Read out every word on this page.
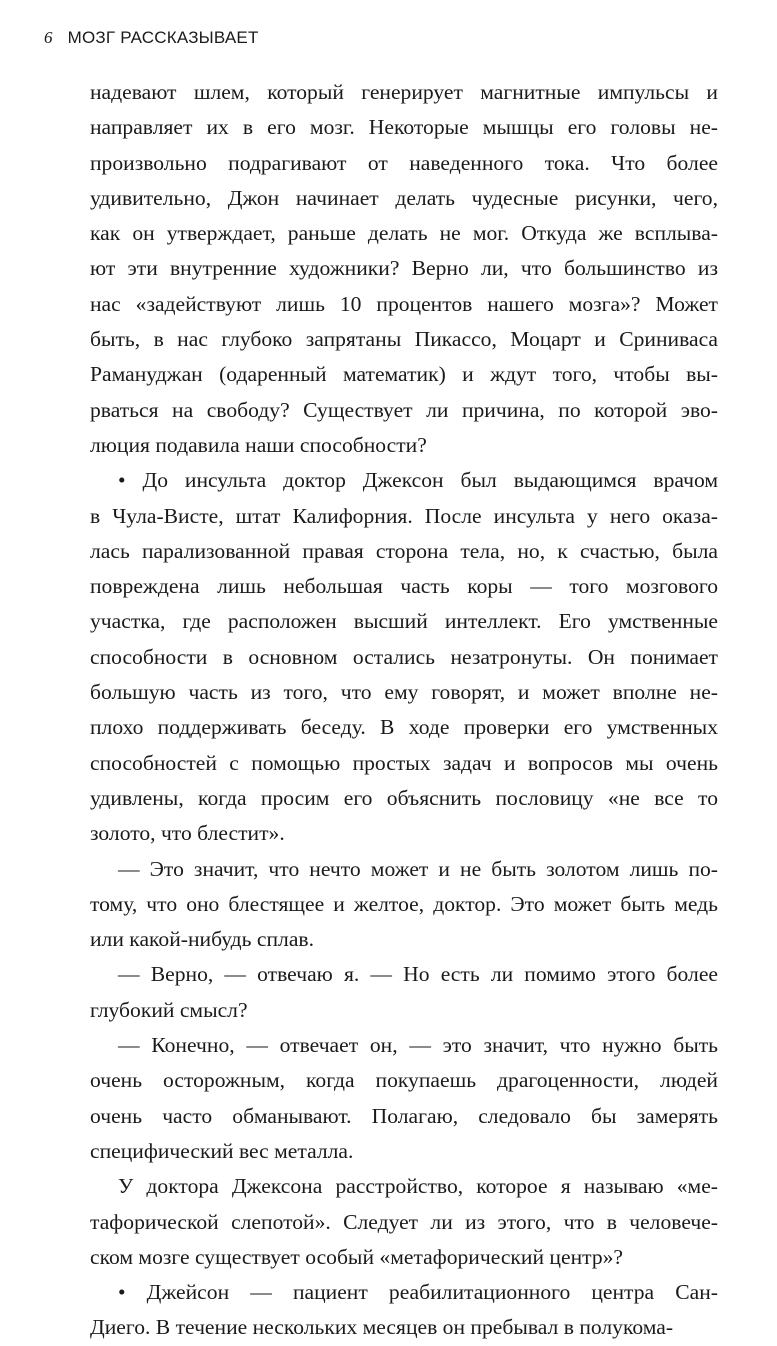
6 МОЗГ РАССКАЗЫВАЕТ
надевают шлем, который генерирует магнитные импульсы и
направляет их в его мозг. Некоторые мышцы его головы не-
произвольно подрагивают от наведенного тока. Что более
удивительно, Джон начинает делать чудесные рисунки, чего,
как он утверждает, раньше делать не мог. Откуда же всплыва-
ют эти внутренние художники? Верно ли, что большинство из
нас «задействуют лишь 10 процентов нашего мозга»? Может
быть, в нас глубоко запрятаны Пикассо, Моцарт и Сриниваса
Рамануджан (одаренный математик) и ждут того, чтобы вы-
рваться на свободу? Существует ли причина, по которой эво-
люция подавила наши способности?
• До инсульта доктор Джексон был выдающимся врачом
в Чула-Висте, штат Калифорния. После инсульта у него оказа-
лась парализованной правая сторона тела, но, к счастью, была
повреждена лишь небольшая часть коры — того мозгового
участка, где расположен высший интеллект. Его умственные
способности в основном остались незатронуты. Он понимает
большую часть из того, что ему говорят, и может вполне не-
плохо поддерживать беседу. В ходе проверки его умственных
способностей с помощью простых задач и вопросов мы очень
удивлены, когда просим его объяснить пословицу «не все то
золото, что блестит».
— Это значит, что нечто может и не быть золотом лишь по-
тому, что оно блестящее и желтое, доктор. Это может быть медь
или какой-нибудь сплав.
— Верно, — отвечаю я. — Но есть ли помимо этого более
глубокий смысл?
— Конечно, — отвечает он, — это значит, что нужно быть
очень осторожным, когда покупаешь драгоценности, людей
очень часто обманывают. Полагаю, следовало бы замерять
специфический вес металла.
У доктора Джексона расстройство, которое я называю «ме-
тафорической слепотой». Следует ли из этого, что в человече-
ском мозге существует особый «метафорический центр»?
• Джейсон — пациент реабилитационного центра Сан-
Диего. В течение нескольких месяцев он пребывал в полукома-
